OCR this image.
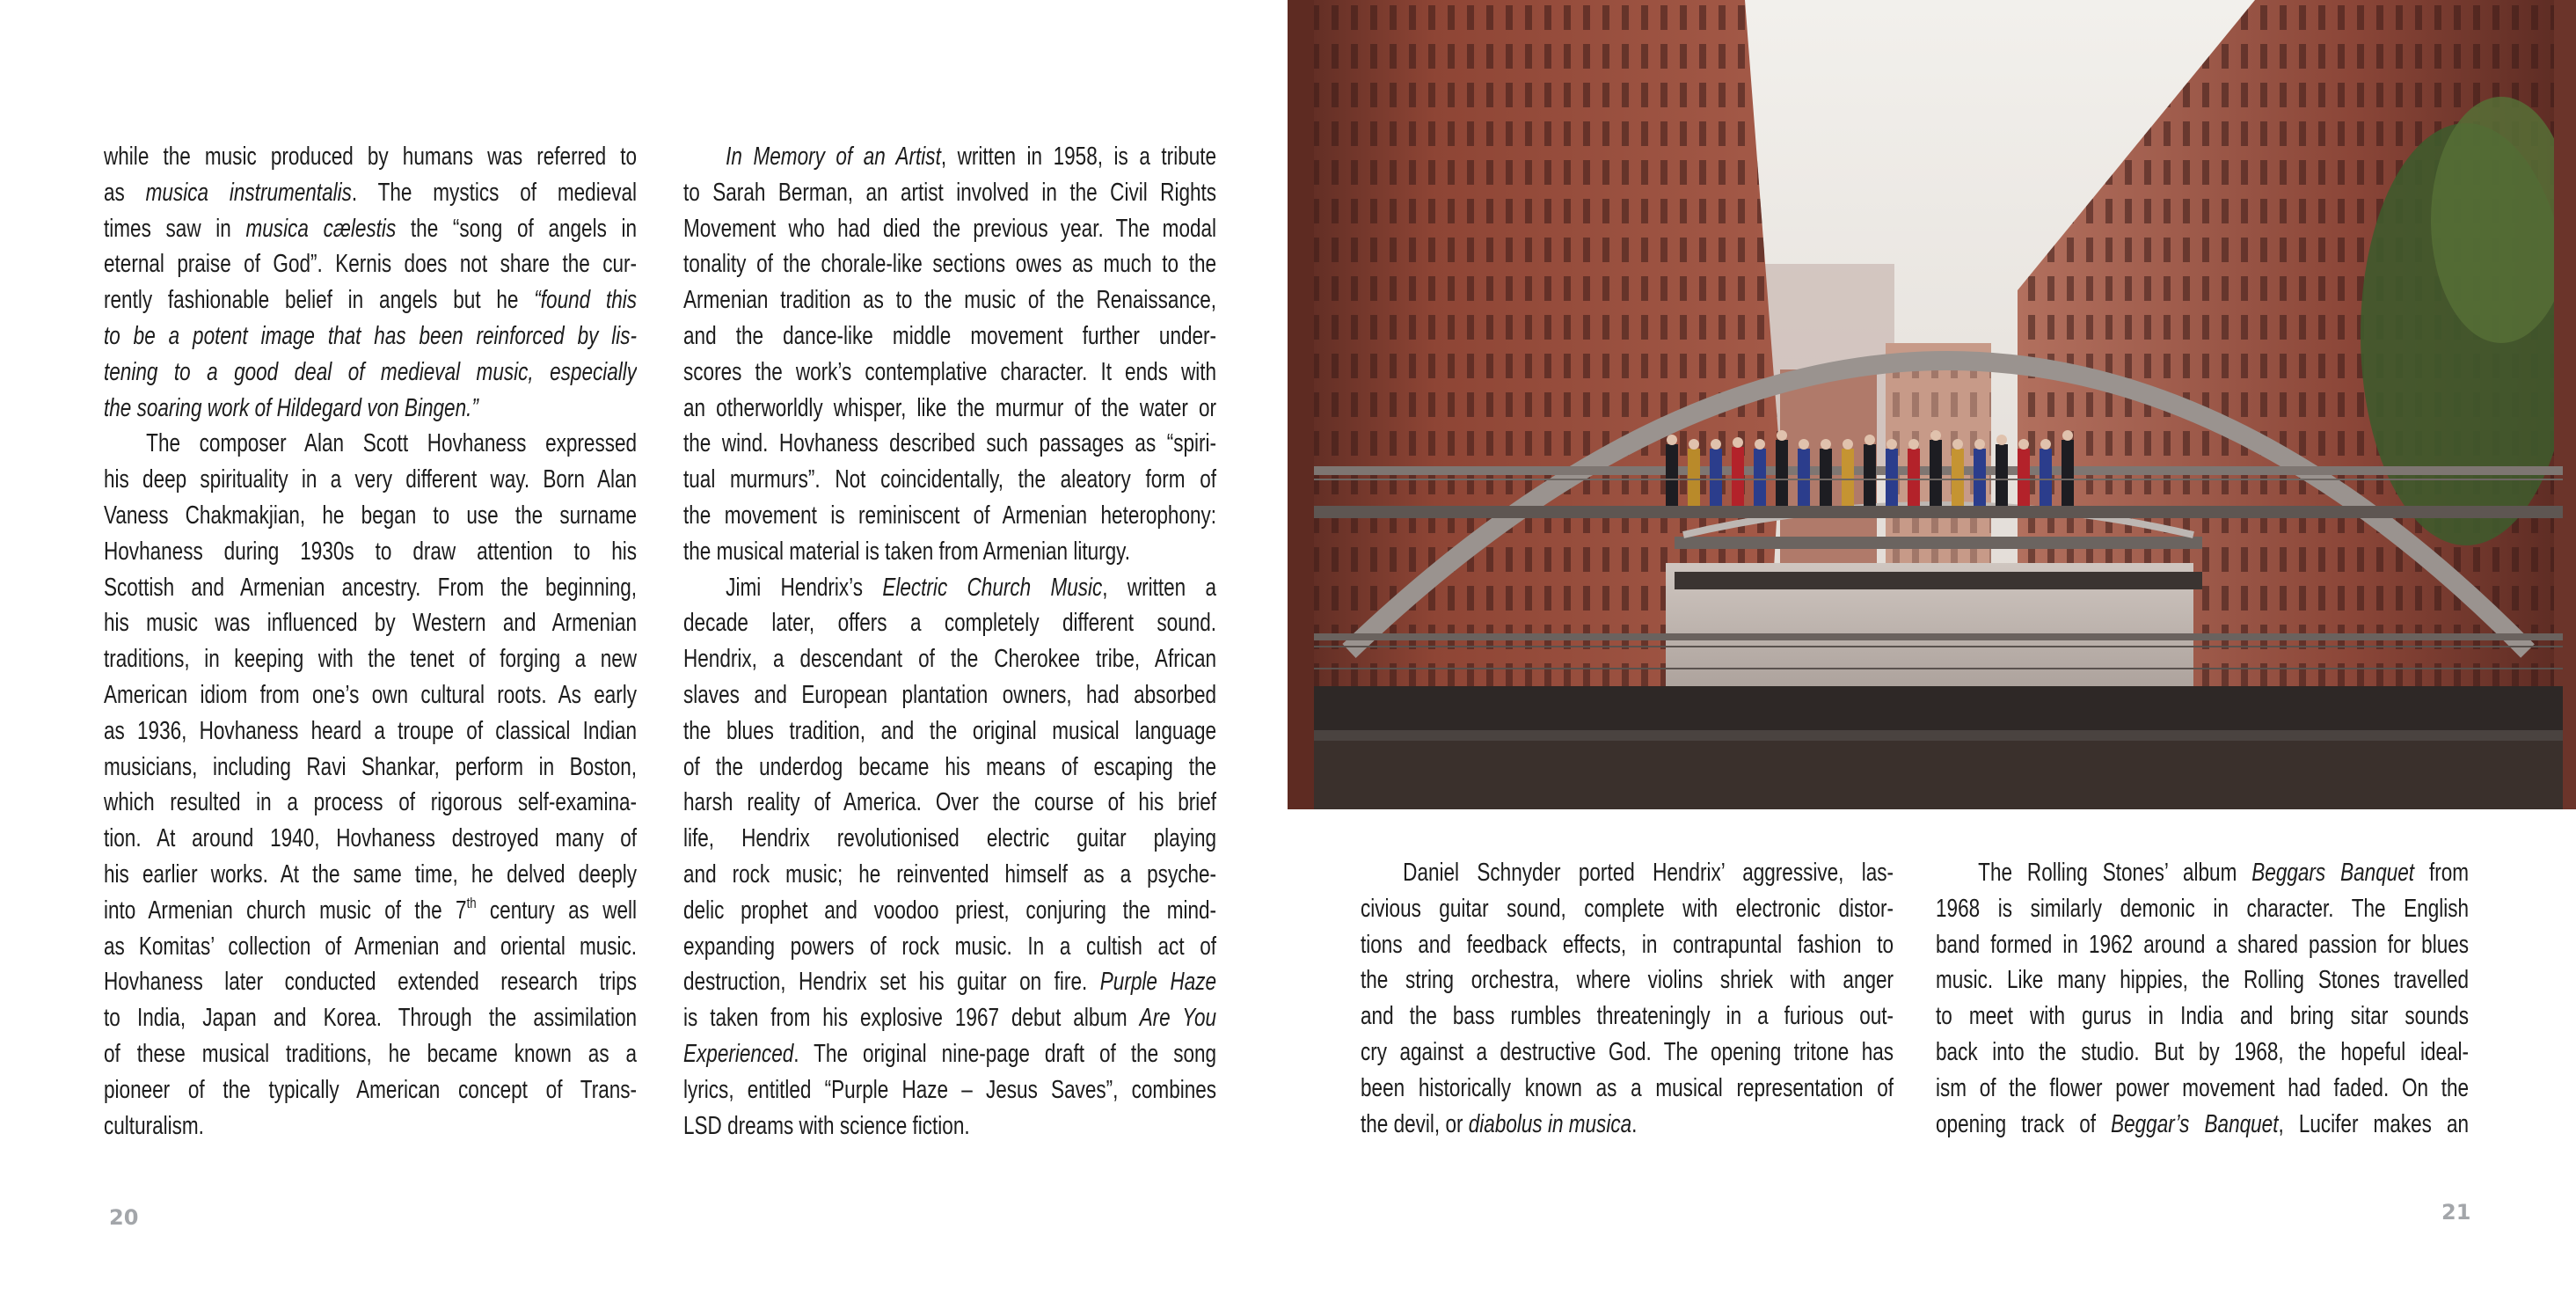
while the music produced by humans was referred to
as musica instrumentalis. The mystics of medieval
times saw in musica cælestis the “song of angels in
eternal praise of God”. Kernis does not share the cur-
rently fashionable belief in angels but he “found this
to be a potent image that has been reinforced by lis-
tening to a good deal of medieval music, especially
the soaring work of Hildegard von Bingen.”
The composer Alan Scott Hovhaness expressed
his deep spirituality in a very different way. Born Alan
Vaness Chakmakjian, he began to use the surname
Hovhaness during 1930s to draw attention to his
Scottish and Armenian ancestry. From the beginning,
his music was influenced by Western and Armenian
traditions, in keeping with the tenet of forging a new
American idiom from one’s own cultural roots. As early
as 1936, Hovhaness heard a troupe of classical Indian
musicians, including Ravi Shankar, perform in Boston,
which resulted in a process of rigorous self-examina-
tion. At around 1940, Hovhaness destroyed many of
his earlier works. At the same time, he delved deeply
into Armenian church music of the 7th century as well
as Komitas’ collection of Armenian and oriental music.
Hovhaness later conducted extended research trips
to India, Japan and Korea. Through the assimilation
of these musical traditions, he became known as a
pioneer of the typically American concept of Trans-
culturalism.
In Memory of an Artist, written in 1958, is a tribute
to Sarah Berman, an artist involved in the Civil Rights
Movement who had died the previous year. The modal
tonality of the chorale-like sections owes as much to the
Armenian tradition as to the music of the Renaissance,
and the dance-like middle movement further under-
scores the work’s contemplative character. It ends with
an otherworldly whisper, like the murmur of the water or
the wind. Hovhaness described such passages as “spiri-
tual murmurs”. Not coincidentally, the aleatory form of
the movement is reminiscent of Armenian heterophony:
the musical material is taken from Armenian liturgy.
Jimi Hendrix’s Electric Church Music, written a
decade later, offers a completely different sound.
Hendrix, a descendant of the Cherokee tribe, African
slaves and European plantation owners, had absorbed
the blues tradition, and the original musical language
of the underdog became his means of escaping the
harsh reality of America. Over the course of his brief
life, Hendrix revolutionised electric guitar playing
and rock music; he reinvented himself as a psyche-
delic prophet and voodoo priest, conjuring the mind-
expanding powers of rock music. In a cultish act of
destruction, Hendrix set his guitar on fire. Purple Haze
is taken from his explosive 1967 debut album Are You
Experienced. The original nine-page draft of the song
lyrics, entitled “Purple Haze – Jesus Saves”, combines
LSD dreams with science fiction.
20
Daniel Schnyder ported Hendrix’ aggressive, las-
civious guitar sound, complete with electronic distor-
tions and feedback effects, in contrapuntal fashion to
the string orchestra, where violins shriek with anger
and the bass rumbles threateningly in a furious out-
cry against a destructive God. The opening tritone has
been historically known as a musical representation of
the devil, or diabolus in musica.
The Rolling Stones’ album Beggars Banquet from
1968 is similarly demonic in character. The English
band formed in 1962 around a shared passion for blues
music. Like many hippies, the Rolling Stones travelled
to meet with gurus in India and bring sitar sounds
back into the studio. But by 1968, the hopeful ideal-
ism of the flower power movement had faded. On the
opening track of Beggar’s Banquet, Lucifer makes an
21
